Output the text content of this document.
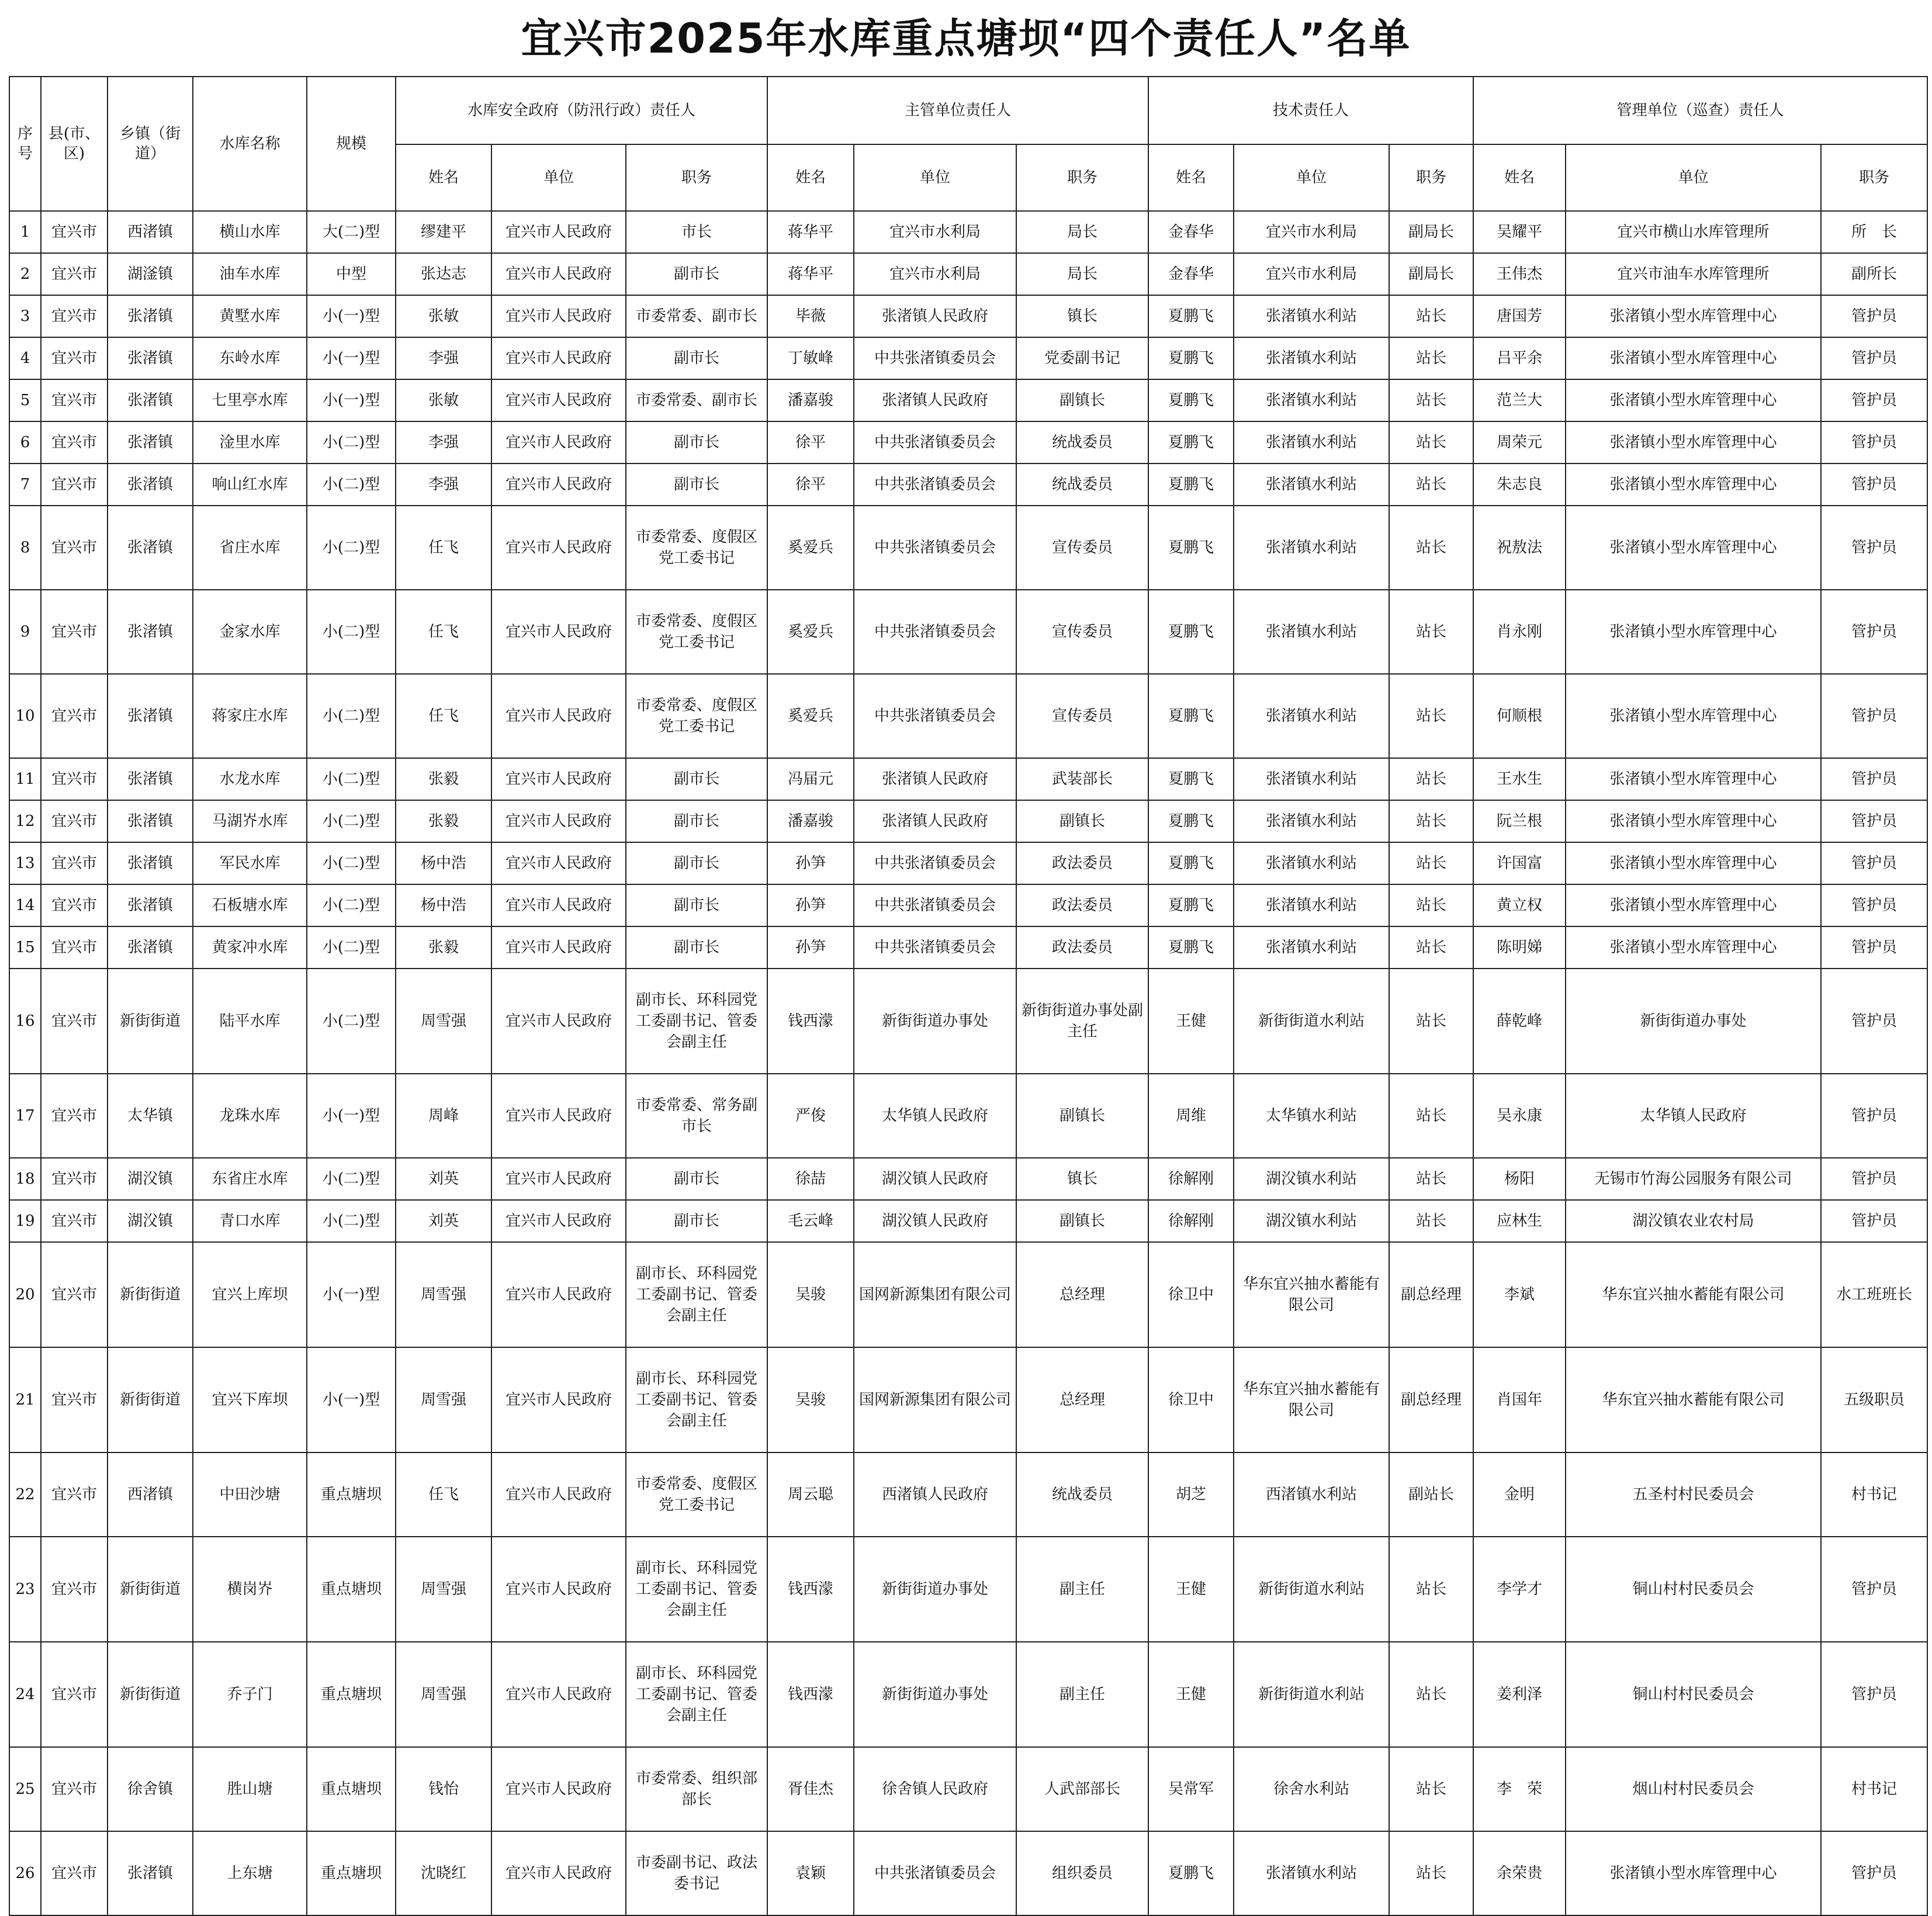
宜兴市2025年水库重点塘坝“四个责任人”名单
序号	县(市、区)	乡镇（街道）	水库名称	规模	水库安全政府（防汛行政）责任人			主管单位责任人			技术责任人			管理单位（巡查）责任人		
					姓名	单位	职务	姓名	单位	职务	姓名	单位	职务	姓名	单位	职务
1	宜兴市	西渚镇	横山水库	大(二)型	缪建平	宜兴市人民政府	市长	蒋华平	宜兴市水利局	局长	金春华	宜兴市水利局	副局长	吴耀平	宜兴市横山水库管理所	所　长
2	宜兴市	湖滏镇	油车水库	中型	张达志	宜兴市人民政府	副市长	蒋华平	宜兴市水利局	局长	金春华	宜兴市水利局	副局长	王伟杰	宜兴市油车水库管理所	副所长
3	宜兴市	张渚镇	黄墅水库	小(一)型	张敏	宜兴市人民政府	市委常委、副市长	毕薇	张渚镇人民政府	镇长	夏鹏飞	张渚镇水利站	站长	唐国芳	张渚镇小型水库管理中心	管护员
4	宜兴市	张渚镇	东岭水库	小(一)型	李强	宜兴市人民政府	副市长	丁敏峰	中共张渚镇委员会	党委副书记	夏鹏飞	张渚镇水利站	站长	吕平余	张渚镇小型水库管理中心	管护员
5	宜兴市	张渚镇	七里亭水库	小(一)型	张敏	宜兴市人民政府	市委常委、副市长	潘嘉骏	张渚镇人民政府	副镇长	夏鹏飞	张渚镇水利站	站长	范兰大	张渚镇小型水库管理中心	管护员
6	宜兴市	张渚镇	淦里水库	小(二)型	李强	宜兴市人民政府	副市长	徐平	中共张渚镇委员会	统战委员	夏鹏飞	张渚镇水利站	站长	周荣元	张渚镇小型水库管理中心	管护员
7	宜兴市	张渚镇	响山红水库	小(二)型	李强	宜兴市人民政府	副市长	徐平	中共张渚镇委员会	统战委员	夏鹏飞	张渚镇水利站	站长	朱志良	张渚镇小型水库管理中心	管护员
8	宜兴市	张渚镇	省庄水库	小(二)型	任飞	宜兴市人民政府	市委常委、度假区党工委书记	奚爱兵	中共张渚镇委员会	宣传委员	夏鹏飞	张渚镇水利站	站长	祝敖法	张渚镇小型水库管理中心	管护员
9	宜兴市	张渚镇	金家水库	小(二)型	任飞	宜兴市人民政府	市委常委、度假区党工委书记	奚爱兵	中共张渚镇委员会	宣传委员	夏鹏飞	张渚镇水利站	站长	肖永刚	张渚镇小型水库管理中心	管护员
10	宜兴市	张渚镇	蒋家庄水库	小(二)型	任飞	宜兴市人民政府	市委常委、度假区党工委书记	奚爱兵	中共张渚镇委员会	宣传委员	夏鹏飞	张渚镇水利站	站长	何顺根	张渚镇小型水库管理中心	管护员
11	宜兴市	张渚镇	水龙水库	小(二)型	张毅	宜兴市人民政府	副市长	冯届元	张渚镇人民政府	武装部长	夏鹏飞	张渚镇水利站	站长	王水生	张渚镇小型水库管理中心	管护员
12	宜兴市	张渚镇	马湖岕水库	小(二)型	张毅	宜兴市人民政府	副市长	潘嘉骏	张渚镇人民政府	副镇长	夏鹏飞	张渚镇水利站	站长	阮兰根	张渚镇小型水库管理中心	管护员
13	宜兴市	张渚镇	军民水库	小(二)型	杨中浩	宜兴市人民政府	副市长	孙笋	中共张渚镇委员会	政法委员	夏鹏飞	张渚镇水利站	站长	许国富	张渚镇小型水库管理中心	管护员
14	宜兴市	张渚镇	石板塘水库	小(二)型	杨中浩	宜兴市人民政府	副市长	孙笋	中共张渚镇委员会	政法委员	夏鹏飞	张渚镇水利站	站长	黄立权	张渚镇小型水库管理中心	管护员
15	宜兴市	张渚镇	黄家冲水库	小(二)型	张毅	宜兴市人民政府	副市长	孙笋	中共张渚镇委员会	政法委员	夏鹏飞	张渚镇水利站	站长	陈明娣	张渚镇小型水库管理中心	管护员
16	宜兴市	新街街道	陆平水库	小(二)型	周雪强	宜兴市人民政府	副市长、环科园党工委副书记、管委会副主任	钱西濛	新街街道办事处	新街街道办事处副主任	王健	新街街道水利站	站长	薛乾峰	新街街道办事处	管护员
17	宜兴市	太华镇	龙珠水库	小(一)型	周峰	宜兴市人民政府	市委常委、常务副市长	严俊	太华镇人民政府	副镇长	周维	太华镇水利站	站长	吴永康	太华镇人民政府	管护员
18	宜兴市	湖㳇镇	东省庄水库	小(二)型	刘英	宜兴市人民政府	副市长	徐喆	湖㳇镇人民政府	镇长	徐解刚	湖㳇镇水利站	站长	杨阳	无锡市竹海公园服务有限公司	管护员
19	宜兴市	湖㳇镇	青口水库	小(二)型	刘英	宜兴市人民政府	副市长	毛云峰	湖㳇镇人民政府	副镇长	徐解刚	湖㳇镇水利站	站长	应林生	湖㳇镇农业农村局	管护员
20	宜兴市	新街街道	宜兴上库坝	小(一)型	周雪强	宜兴市人民政府	副市长、环科园党工委副书记、管委会副主任	吴骏	国网新源集团有限公司	总经理	徐卫中	华东宜兴抽水蓄能有限公司	副总经理	李斌	华东宜兴抽水蓄能有限公司	水工班班长
21	宜兴市	新街街道	宜兴下库坝	小(一)型	周雪强	宜兴市人民政府	副市长、环科园党工委副书记、管委会副主任	吴骏	国网新源集团有限公司	总经理	徐卫中	华东宜兴抽水蓄能有限公司	副总经理	肖国年	华东宜兴抽水蓄能有限公司	五级职员
22	宜兴市	西渚镇	中田沙塘	重点塘坝	任飞	宜兴市人民政府	市委常委、度假区党工委书记	周云聪	西渚镇人民政府	统战委员	胡芝	西渚镇水利站	副站长	金明	五圣村村民委员会	村书记
23	宜兴市	新街街道	横岗岕	重点塘坝	周雪强	宜兴市人民政府	副市长、环科园党工委副书记、管委会副主任	钱西濛	新街街道办事处	副主任	王健	新街街道水利站	站长	李学才	铜山村村民委员会	管护员
24	宜兴市	新街街道	乔子门	重点塘坝	周雪强	宜兴市人民政府	副市长、环科园党工委副书记、管委会副主任	钱西濛	新街街道办事处	副主任	王健	新街街道水利站	站长	姜利泽	铜山村村民委员会	管护员
25	宜兴市	徐舍镇	胜山塘	重点塘坝	钱怡	宜兴市人民政府	市委常委、组织部部长	胥佳杰	徐舍镇人民政府	人武部部长	吴常军	徐舍水利站	站长	李　荣	烟山村村民委员会	村书记
26	宜兴市	张渚镇	上东塘	重点塘坝	沈晓红	宜兴市人民政府	市委副书记、政法委书记	袁颖	中共张渚镇委员会	组织委员	夏鹏飞	张渚镇水利站	站长	余荣贵	张渚镇小型水库管理中心	管护员
